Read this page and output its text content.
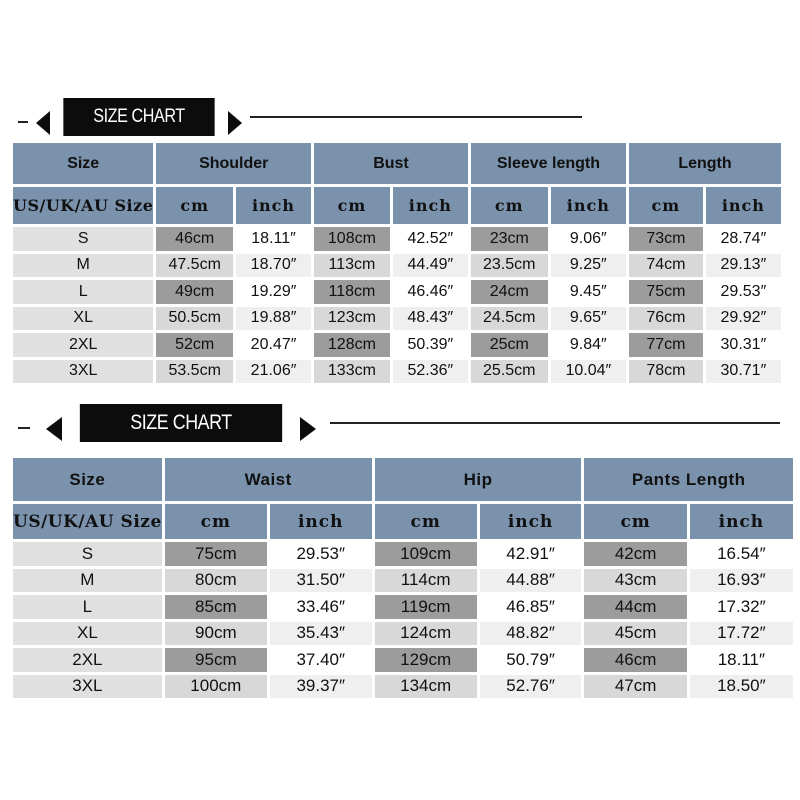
SIZE CHART
Size	Shoulder		Bust		Sleeve length		Length	
US/UK/AU Size	cm	inch	cm	inch	cm	inch	cm	inch
S	46cm	18.11″	108cm	42.52″	23cm	9.06″	73cm	28.74″
M	47.5cm	18.70″	113cm	44.49″	23.5cm	9.25″	74cm	29.13″
L	49cm	19.29″	118cm	46.46″	24cm	9.45″	75cm	29.53″
XL	50.5cm	19.88″	123cm	48.43″	24.5cm	9.65″	76cm	29.92″
2XL	52cm	20.47″	128cm	50.39″	25cm	9.84″	77cm	30.31″
3XL	53.5cm	21.06″	133cm	52.36″	25.5cm	10.04″	78cm	30.71″
SIZE CHART
Size	Waist		Hip		Pants Length	
US/UK/AU Size	cm	inch	cm	inch	cm	inch
S	75cm	29.53″	109cm	42.91″	42cm	16.54″
M	80cm	31.50″	114cm	44.88″	43cm	16.93″
L	85cm	33.46″	119cm	46.85″	44cm	17.32″
XL	90cm	35.43″	124cm	48.82″	45cm	17.72″
2XL	95cm	37.40″	129cm	50.79″	46cm	18.11″
3XL	100cm	39.37″	134cm	52.76″	47cm	18.50″
